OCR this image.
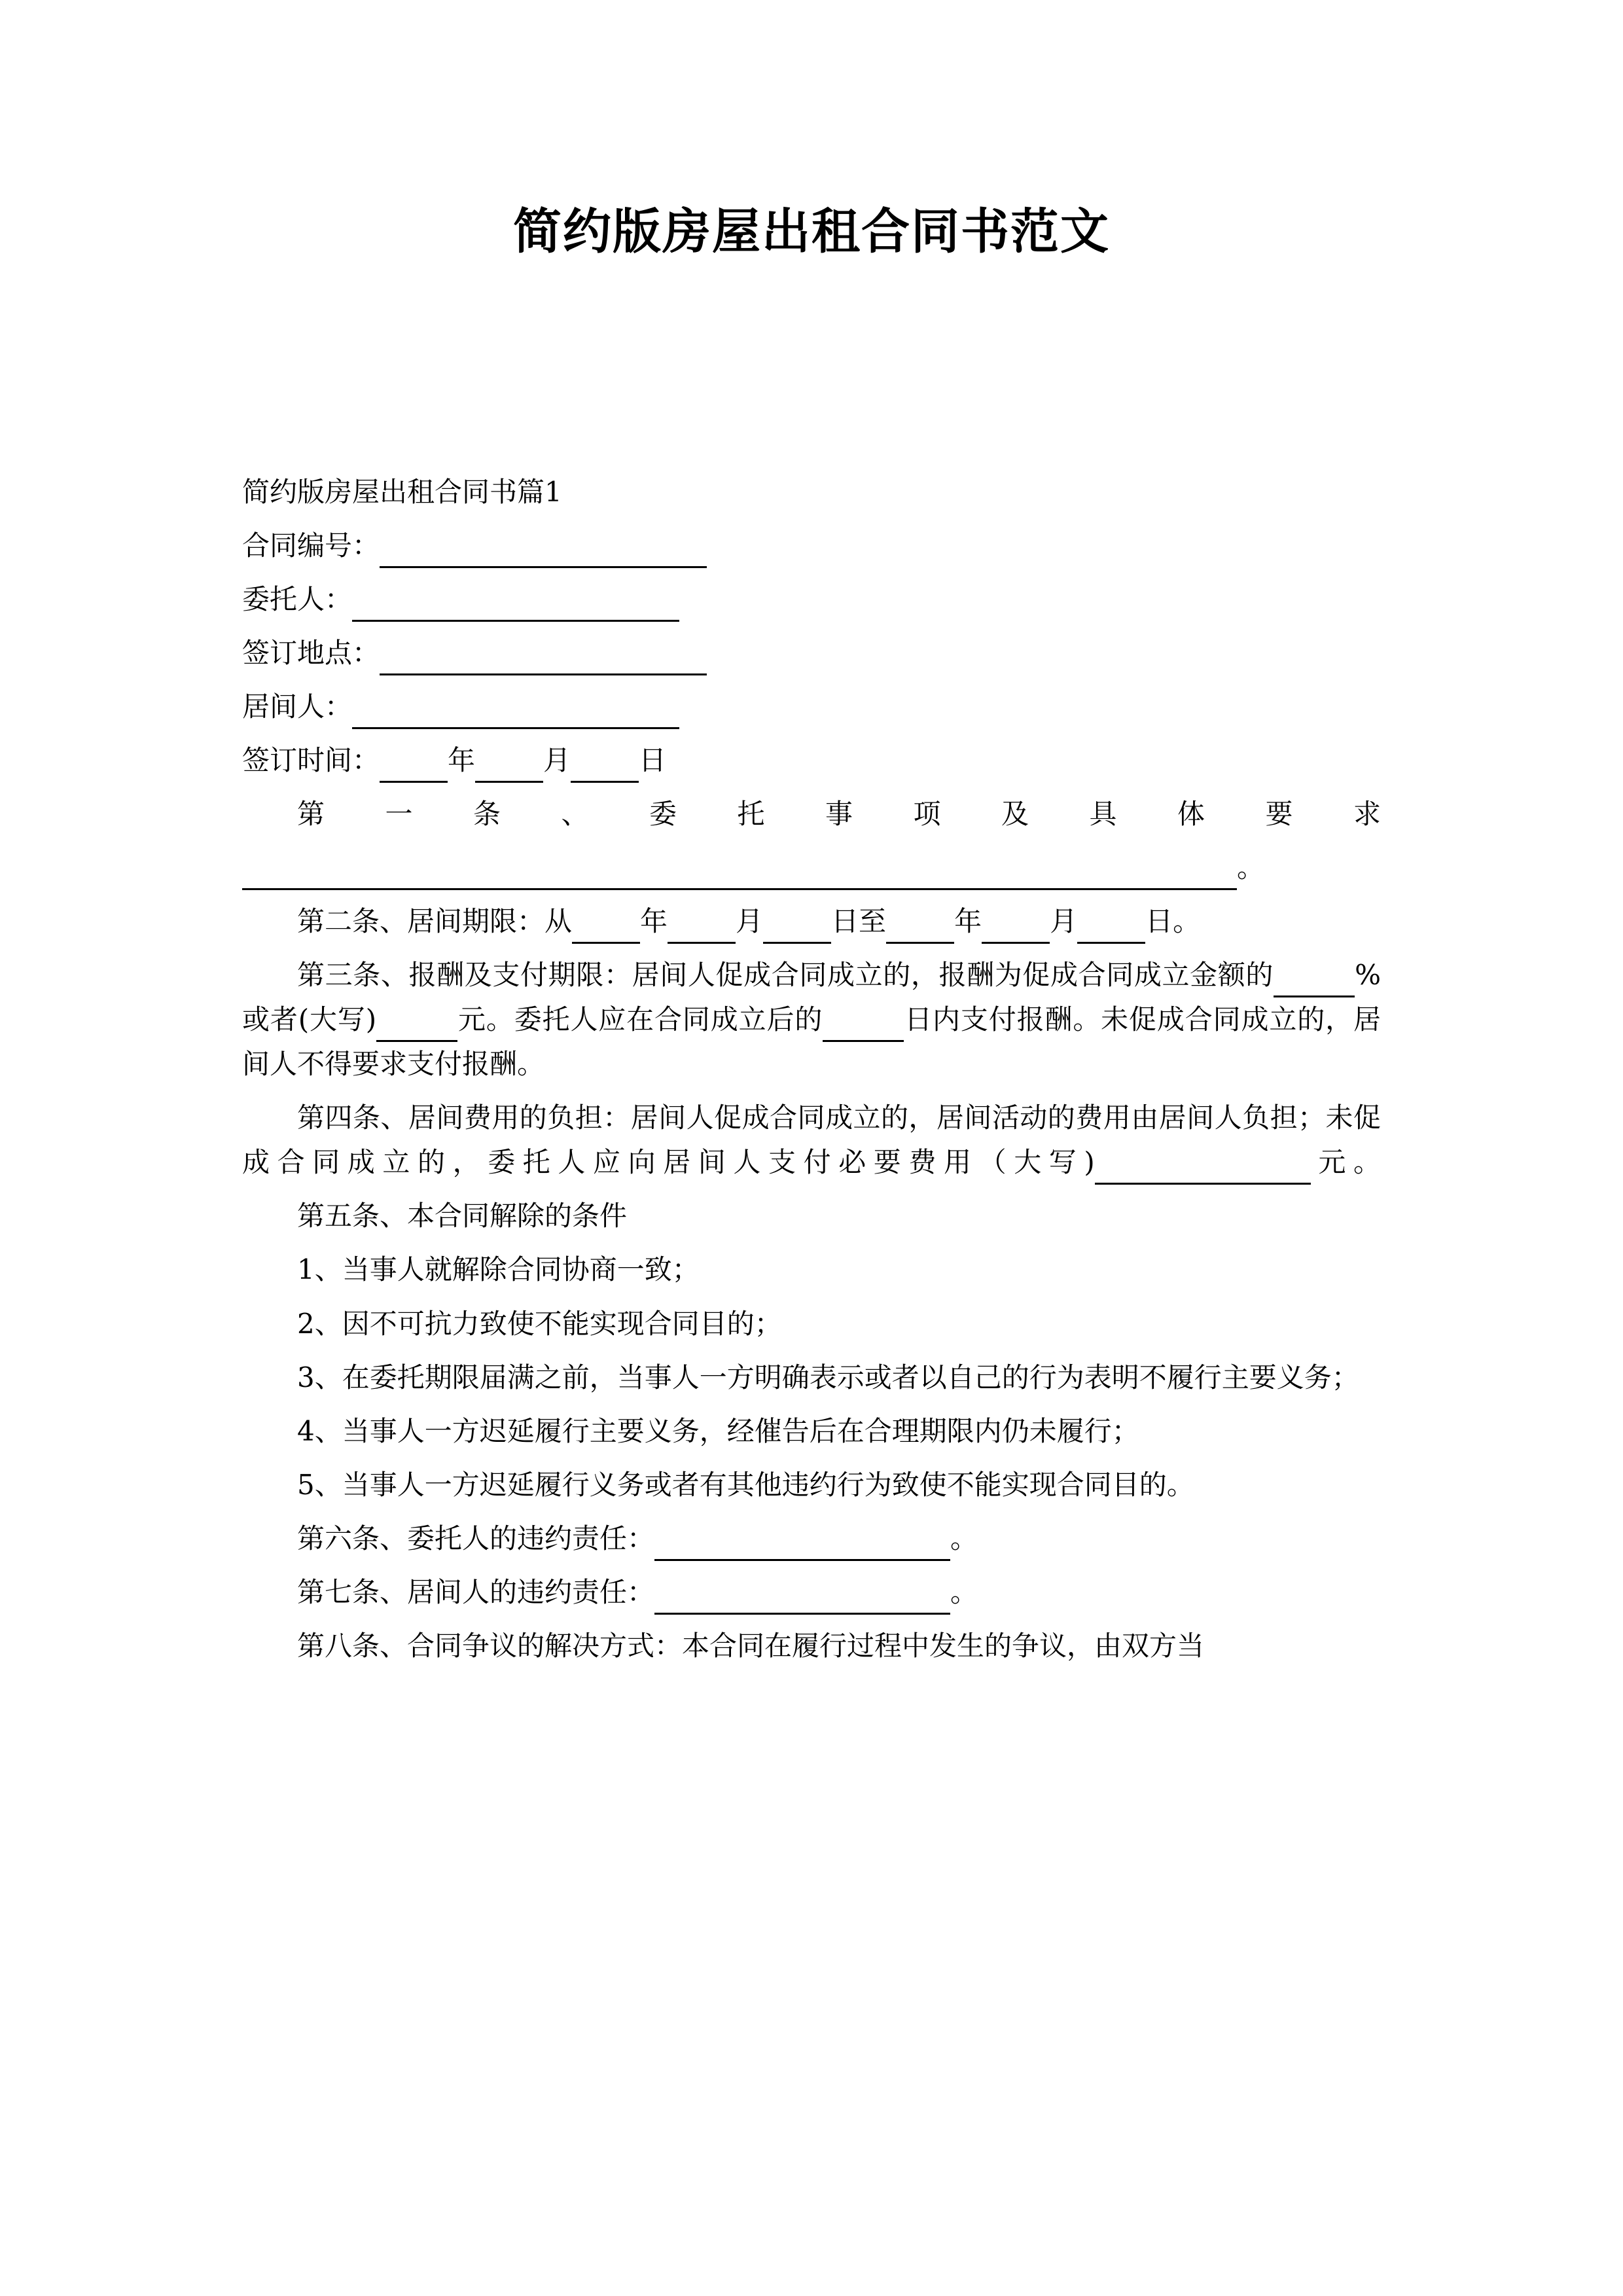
简约版房屋出租合同书范文

简约版房屋出租合同书篇1

合同编号：

委托人：

签订地点：

居间人：

签订时间： 年 月 日

第 一 条 、 委 托 事 项 及 具 体 要 求

。

第二条、居间期限：从 年 月 日至 年 月 日。

第三条、报酬及支付期限：居间人促成合同成立的，报酬为促成合同成立金额的	%或者(大写)	元。委托人应在合同成立后的	日内支付报酬。未促成合同成立的，居间人不得要求支付报酬。

第四条、居间费用的负担：居间人促成合同成立的，居间活动的费用由居间人负担；未促成合同成立的，委托人应向居间人支付必要费用（大写)	元。

第五条、本合同解除的条件

1、当事人就解除合同协商一致；

2、因不可抗力致使不能实现合同目的；

3、在委托期限届满之前，当事人一方明确表示或者以自己的行为表明不履行主要义务；

4、当事人一方迟延履行主要义务，经催告后在合理期限内仍未履行；

5、当事人一方迟延履行义务或者有其他违约行为致使不能实现合同目的。

第六条、委托人的违约责任：	。

第七条、居间人的违约责任：	。

第八条、合同争议的解决方式：本合同在履行过程中发生的争议，由双方当
